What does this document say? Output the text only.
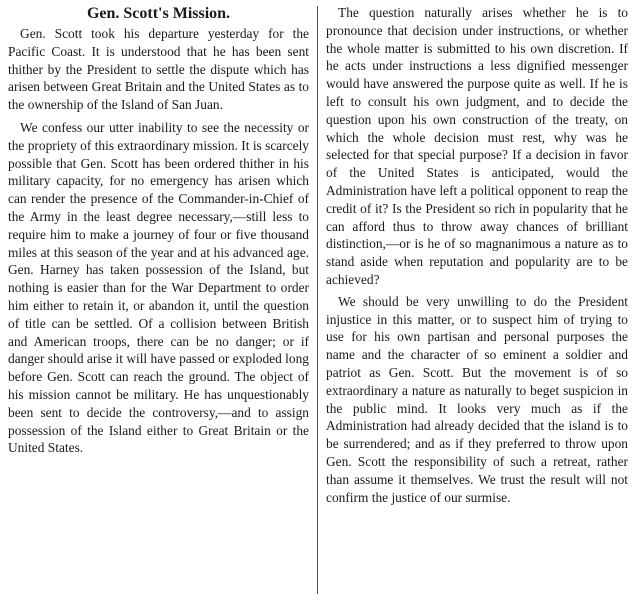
Gen. Scott's Mission.

Gen. Scott took his departure yesterday for the Pacific Coast. It is understood that he has been sent thither by the President to settle the dispute which has arisen between Great Britain and the United States as to the ownership of the Island of San Juan.

We confess our utter inability to see the necessity or the propriety of this extraordinary mission. It is scarcely possible that Gen. Scott has been ordered thither in his military capacity, for no emergency has arisen which can render the presence of the Commander-in-Chief of the Army in the least degree necessary,—still less to require him to make a journey of four or five thousand miles at this season of the year and at his advanced age. Gen. Harney has taken possession of the Island, but nothing is easier than for the War Department to order him either to retain it, or abandon it, until the question of title can be settled. Of a collision between British and American troops, there can be no danger; or if danger should arise it will have passed or exploded long before Gen. Scott can reach the ground. The object of his mission cannot be military. He has unquestionably been sent to decide the controversy,—and to assign possession of the Island either to Great Britain or the United States.

The question naturally arises whether he is to pronounce that decision under instructions, or whether the whole matter is submitted to his own discretion. If he acts under instructions a less dignified messenger would have answered the purpose quite as well. If he is left to consult his own judgment, and to decide the question upon his own construction of the treaty, on which the whole decision must rest, why was he selected for that special purpose? If a decision in favor of the United States is anticipated, would the Administration have left a political opponent to reap the credit of it? Is the President so rich in popularity that he can afford thus to throw away chances of brilliant distinction,—or is he of so magnanimous a nature as to stand aside when reputation and popularity are to be achieved?

We should be very unwilling to do the President injustice in this matter, or to suspect him of trying to use for his own partisan and personal purposes the name and the character of so eminent a soldier and patriot as Gen. Scott. But the movement is of so extraordinary a nature as naturally to beget suspicion in the public mind. It looks very much as if the Administration had already decided that the island is to be surrendered; and as if they preferred to throw upon Gen. Scott the responsibility of such a retreat, rather than assume it themselves. We trust the result will not confirm the justice of our surmise.
